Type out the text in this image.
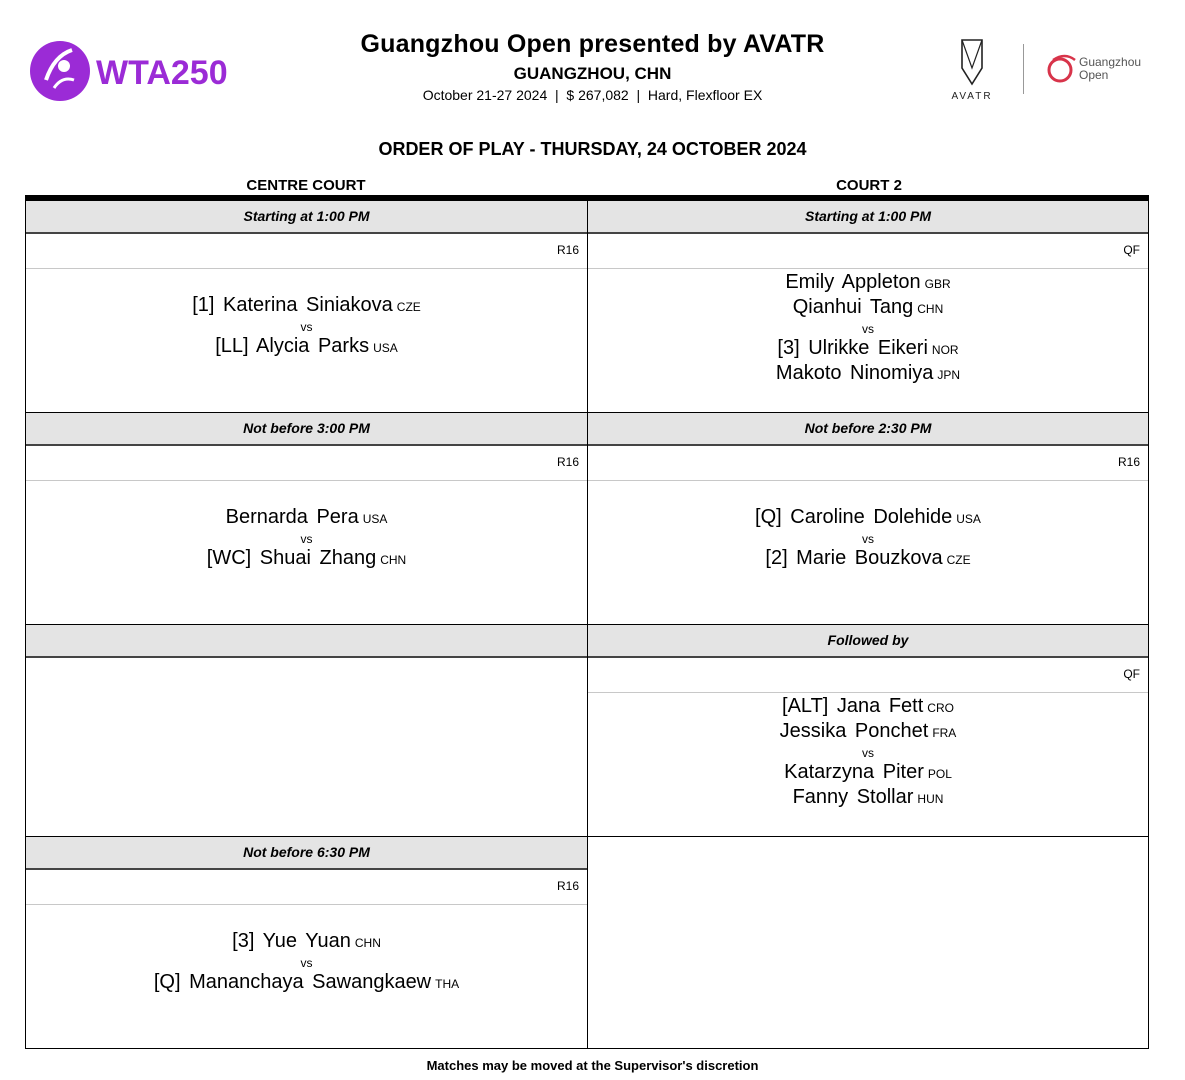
WTA250
Guangzhou Open presented by AVATR
GUANGZHOU, CHN
October 21-27 2024  |  $ 267,082  |  Hard, Flexfloor EX	AVATR
Guangzhou
Open
ORDER OF PLAY - THURSDAY, 24 OCTOBER 2024
CENTRE COURT	COURT 2
Starting at 1:00 PM
R16
[1] Katerina Siniakova CZE
vs
[LL] Alycia Parks USA
Not before 3:00 PM
R16
Bernarda Pera USA
vs
[WC] Shuai Zhang CHN
Not before 6:30 PM
R16
[3] Yue Yuan CHN
vs
[Q] Mananchaya Sawangkaew THA
Starting at 1:00 PM
QF
Emily Appleton GBR
Qianhui Tang CHN
vs
[3] Ulrikke Eikeri NOR
Makoto Ninomiya JPN
Not before 2:30 PM
R16
[Q] Caroline Dolehide USA
vs
[2] Marie Bouzkova CZE
Followed by
QF
[ALT] Jana Fett CRO
Jessika Ponchet FRA
vs
Katarzyna Piter POL
Fanny Stollar HUN
Matches may be moved at the Supervisor's discretion
